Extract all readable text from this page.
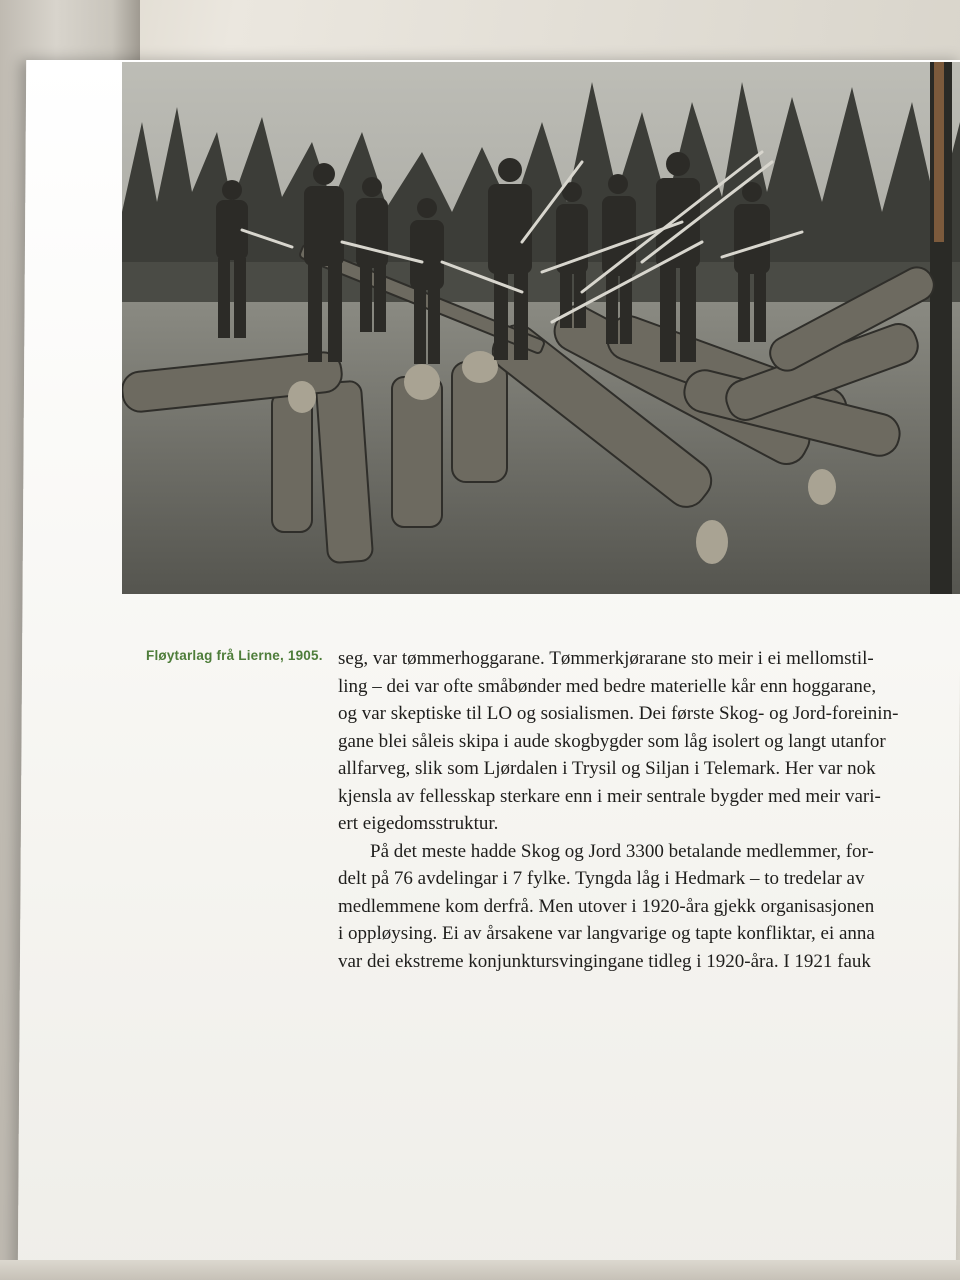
Fløytarlag frå Lierne, 1905. seg, var tømmerhoggarane. Tømmerkjørarane sto meir i ei mellomstil-
ling – dei var ofte småbønder med bedre materielle kår enn hoggarane,
og var skeptiske til LO og sosialismen. Dei første Skog- og Jord-foreinin-
gane blei såleis skipa i aude skogbygder som låg isolert og langt utanfor
allfarveg, slik som Ljørdalen i Trysil og Siljan i Telemark. Her var nok
kjensla av fellesskap sterkare enn i meir sentrale bygder med meir vari-
ert eigedomsstruktur.
På det meste hadde Skog og Jord 3300 betalande medlemmer, for-
delt på 76 avdelingar i 7 fylke. Tyngda låg i Hedmark – to tredelar av
medlemmene kom derfrå. Men utover i 1920-åra gjekk organisasjonen
i oppløysing. Ei av årsakene var langvarige og tapte konfliktar, ei anna
var dei ekstreme konjunktursvingingane tidleg i 1920-åra. I 1921 fauk
